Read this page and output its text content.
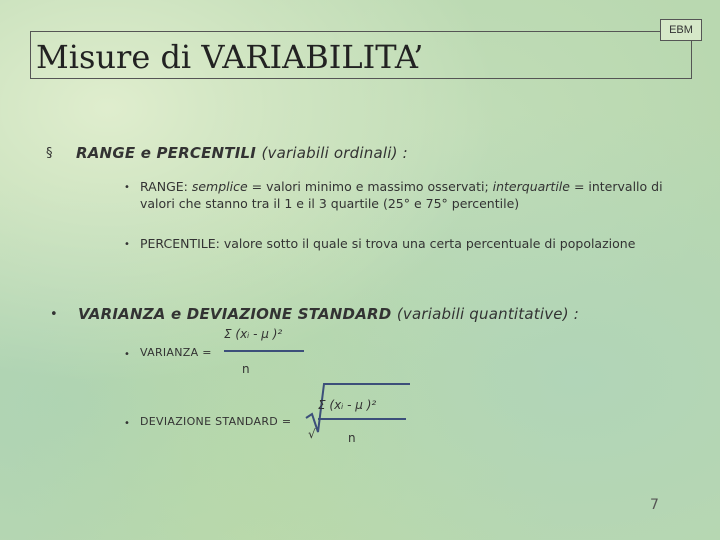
Misure di VARIABILITA’
EBM
§ RANGE e PERCENTILI (variabili ordinali) :
• RANGE: semplice = valori minimo e massimo osservati; interquartile = intervallo di
valori che stanno tra il 1 e il 3 quartile (25° e 75° percentile)
• PERCENTILE: valore sotto il quale si trova una certa percentuale di popolazione
• VARIANZA e DEVIAZIONE STANDARD (variabili quantitative) :
• VARIANZA =
Σ (xᵢ - μ )²
n
• DEVIAZIONE STANDARD =
Σ (xᵢ - μ )²
√	n
7
